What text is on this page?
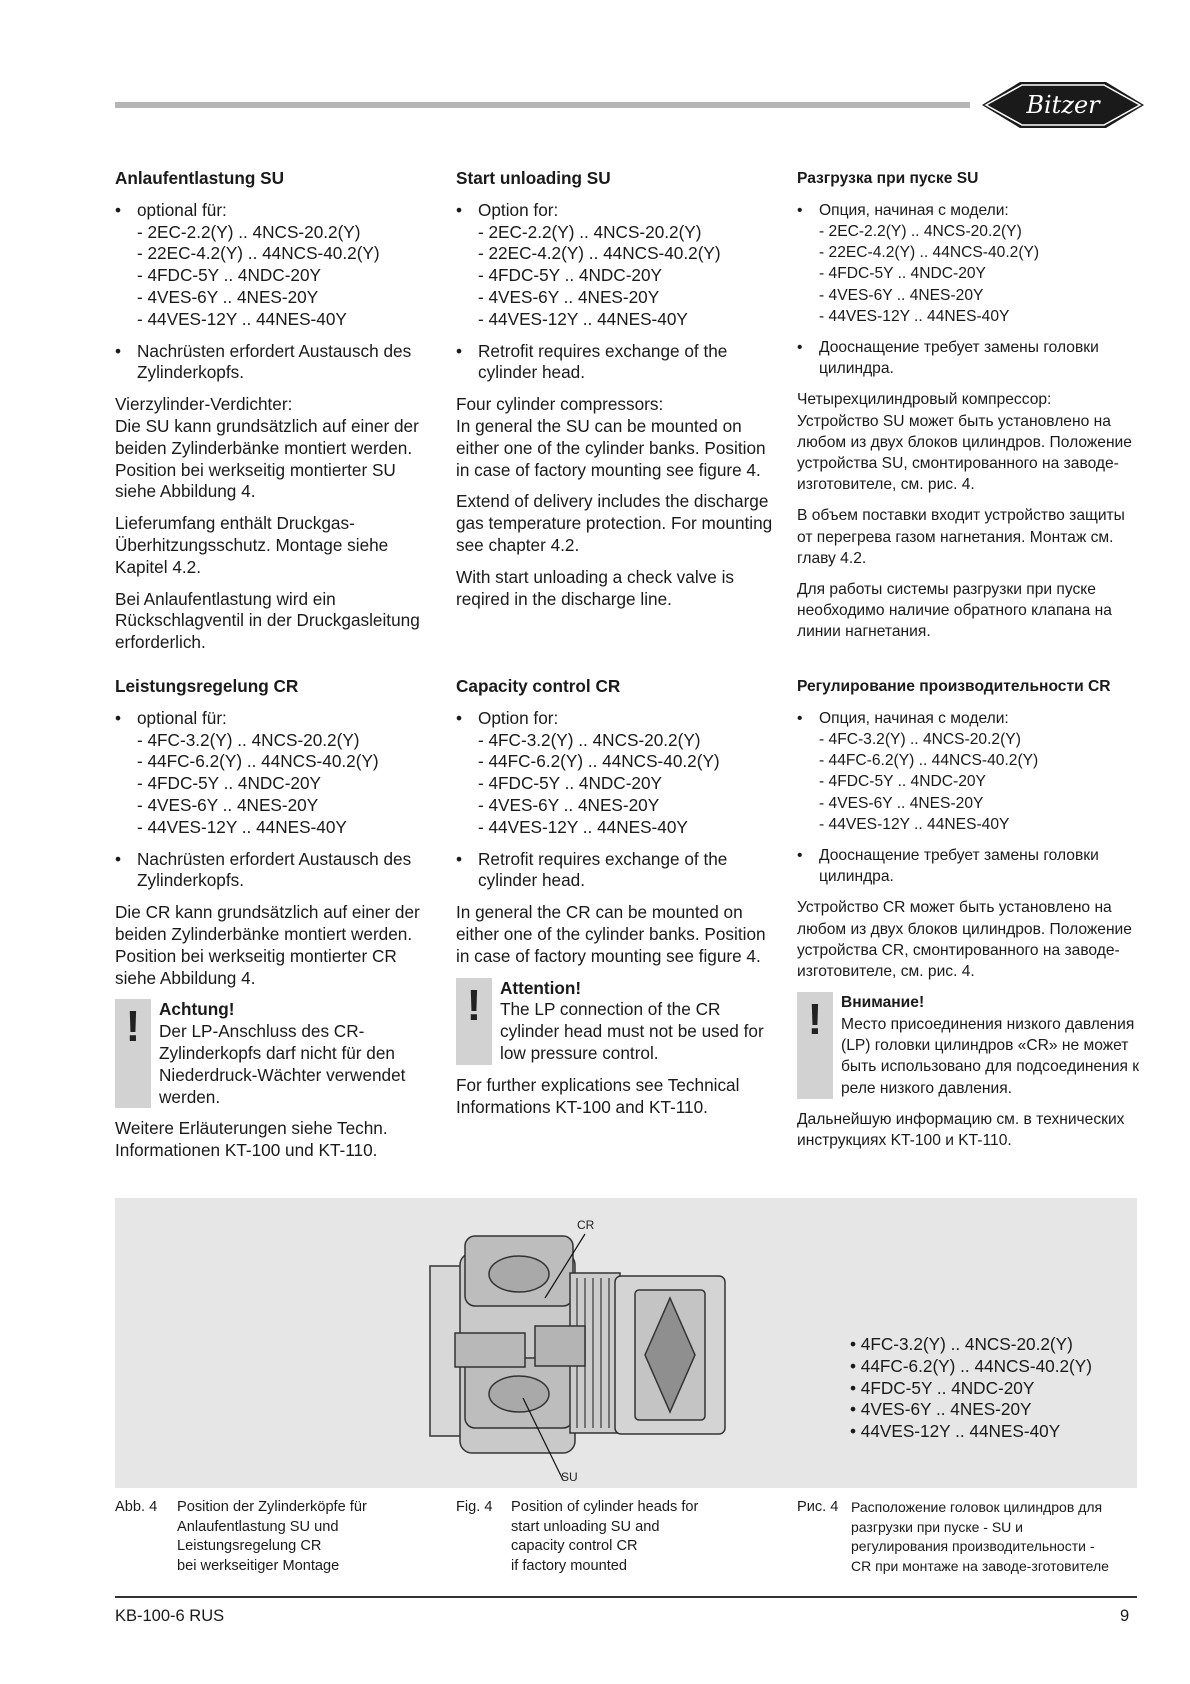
Bitzer
Anlaufentlastung SU
• optional für:
- 2EC-2.2(Y) .. 4NCS-20.2(Y)
- 22EC-4.2(Y) .. 44NCS-40.2(Y)
- 4FDC-5Y .. 4NDC-20Y
- 4VES-6Y .. 4NES-20Y
- 44VES-12Y .. 44NES-40Y
• Nachrüsten erfordert Austausch des Zylinderkopfs.
Vierzylinder-Verdichter:
Die SU kann grundsätzlich auf einer der beiden Zylinderbänke montiert werden. Position bei werkseitig montierter SU siehe Abbildung 4.
Lieferumfang enthält Druckgas-Überhitzungsschutz. Montage siehe Kapitel 4.2.
Bei Anlaufentlastung wird ein Rückschlagventil in der Druckgasleitung erforderlich.
Start unloading SU
• Option for:
- 2EC-2.2(Y) .. 4NCS-20.2(Y)
- 22EC-4.2(Y) .. 44NCS-40.2(Y)
- 4FDC-5Y .. 4NDC-20Y
- 4VES-6Y .. 4NES-20Y
- 44VES-12Y .. 44NES-40Y
• Retrofit requires exchange of the cylinder head.
Four cylinder compressors:
In general the SU can be mounted on either one of the cylinder banks. Position in case of factory mounting see figure 4.
Extend of delivery includes the discharge gas temperature protection. For mounting see chapter 4.2.
With start unloading a check valve is reqired in the discharge line.
Разгрузка при пуске SU
•	Опция, начиная с модели:
- 2EC-2.2(Y) .. 4NCS-20.2(Y)
- 22EC-4.2(Y) .. 44NCS-40.2(Y)
- 4FDC-5Y .. 4NDC-20Y
- 4VES-6Y .. 4NES-20Y
- 44VES-12Y .. 44NES-40Y
•	Дооснащение требует замены головки цилиндра.
Четырехцилиндровый компрессор:
Устройство SU может быть установлено на любом из двух блоков цилиндров. Положение устройства SU, смонтированного на заводе-изготовителе, см. рис. 4.
В объем поставки входит устройство защиты от перегрева газом нагнетания. Монтаж см. главу 4.2.
Для работы системы разгрузки при пуске необходимо наличие обратного клапана на линии нагнетания.
Leistungsregelung CR
• optional für:
- 4FC-3.2(Y) .. 4NCS-20.2(Y)
- 44FC-6.2(Y) .. 44NCS-40.2(Y)
- 4FDC-5Y .. 4NDC-20Y
- 4VES-6Y .. 4NES-20Y
- 44VES-12Y .. 44NES-40Y
• Nachrüsten erfordert Austausch des Zylinderkopfs.
Die CR kann grundsätzlich auf einer der beiden Zylinderbänke montiert werden. Position bei werkseitig montierter CR siehe Abbildung 4.
!	Achtung!
Der LP-Anschluss des CR-Zylinderkopfs darf nicht für den Niederdruck-Wächter verwendet werden.
Weitere Erläuterungen siehe Techn. Informationen KT-100 und KT-110.
Capacity control CR
• Option for:
- 4FC-3.2(Y) .. 4NCS-20.2(Y)
- 44FC-6.2(Y) .. 44NCS-40.2(Y)
- 4FDC-5Y .. 4NDC-20Y
- 4VES-6Y .. 4NES-20Y
- 44VES-12Y .. 44NES-40Y
• Retrofit requires exchange of the cylinder head.
In general the CR can be mounted on either one of the cylinder banks. Position in case of factory mounting see figure 4.
!	Attention!
The LP connection of the CR cylinder head must not be used for low pressure control.
For further explications see Technical Informations KT-100 and KT-110.
Регулирование производительности CR
•	Опция, начиная с модели:
- 4FC-3.2(Y) .. 4NCS-20.2(Y)
- 44FC-6.2(Y) .. 44NCS-40.2(Y)
- 4FDC-5Y .. 4NDC-20Y
- 4VES-6Y .. 4NES-20Y
- 44VES-12Y .. 44NES-40Y
•	Дооснащение требует замены головки цилиндра.
Устройство CR может быть установлено на любом из двух блоков цилиндров. Положение устройства CR, смонтированного на заводе-изготовителе, см. рис. 4.
!	Внимание!
Место присоединения низкого давления (LP) головки цилиндров «CR» не может быть использовано для подсоединения к реле низкого давления.
Дальнейшую информацию см. в технических инструкциях KT-100 и KT-110.
CR
SU
• 4FC-3.2(Y) .. 4NCS-20.2(Y)
• 44FC-6.2(Y) .. 44NCS-40.2(Y)
• 4FDC-5Y .. 4NDC-20Y
• 4VES-6Y .. 4NES-20Y
• 44VES-12Y .. 44NES-40Y
Abb. 4	Position der Zylinderköpfe für
Anlaufentlastung SU und
Leistungsregelung CR
bei werkseitiger Montage
Fig. 4	Position of cylinder heads for
start unloading SU and
capacity control CR
if factory mounted
Рис. 4 Расположение головок цилиндров для
разгрузки при пуске - SU и
регулирования производительности -
CR при монтаже на заводе-зготовителе
KB-100-6 RUS	9
